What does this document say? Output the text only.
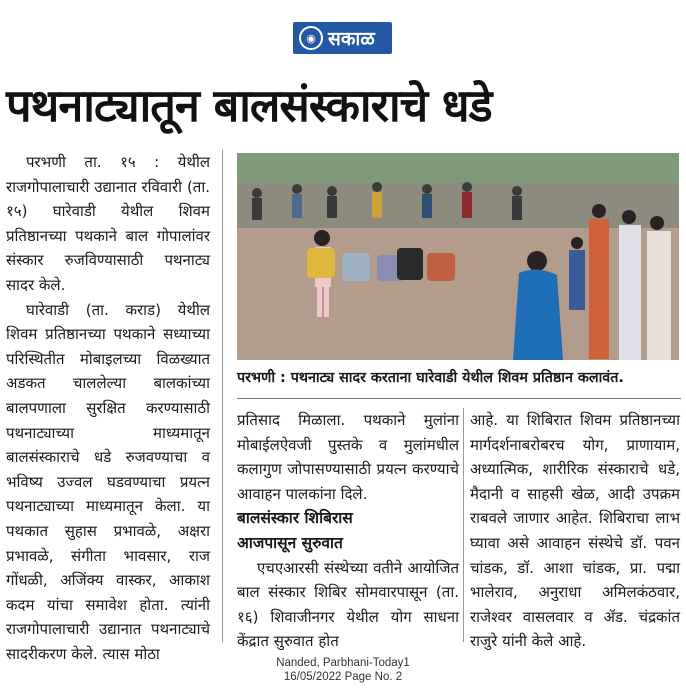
◉ सकाळ
पथनाट्यातून बालसंस्काराचे धडे

परभणी ता. १५ : येथील राजगोपालाचारी उद्यानात रविवारी (ता. १५) घारेवाडी येथील शिवम प्रतिष्ठानच्या पथकाने बाल गोपालांवर संस्कार रुजविण्यासाठी पथनाट्य सादर केले.

घारेवाडी (ता. कराड) येथील शिवम प्रतिष्ठानच्या पथकाने सध्याच्या परिस्थितीत मोबाइलच्या विळख्यात अडकत चाललेल्या बालकांच्या बालपणाला सुरक्षित करण्यासाठी पथनाट्याच्या माध्यमातून बालसंस्काराचे धडे रुजवण्याचा व भविष्य उज्वल घडवण्याचा प्रयत्न पथनाट्याच्या माध्यमातून केला. या पथकात सुहास प्रभावळे, अक्षरा प्रभावळे, संगीता भावसार, राज गोंधळी, अजिंक्य वास्कर, आकाश कदम यांचा समावेश होता. त्यांनी राजगोपालाचारी उद्यानात पथनाट्याचे सादरीकरण केले. त्यास मोठा

परभणी : पथनाट्य सादर करताना घारेवाडी येथील शिवम प्रतिष्ठान कलावंत.

प्रतिसाद मिळाला. पथकाने मुलांना मोबाईलऐवजी पुस्तके व मुलांमधील कलागुण जोपासण्यासाठी प्रयत्न करण्याचे आवाहन पालकांना दिले.

बालसंस्कार शिबिरास

आजपासून सुरुवात

एचएआरसी संस्थेच्या वतीने आयोजित बाल संस्कार शिबिर सोमवारपासून (ता. १६) शिवाजीनगर येथील योग साधना केंद्रात सुरुवात होत

आहे. या शिबिरात शिवम प्रतिष्ठानच्या मार्गदर्शनाबरोबरच योग, प्राणायाम, अध्यात्मिक, शारीरिक संस्काराचे धडे, मैदानी व साहसी खेळ, आदी उपक्रम राबवले जाणार आहेत. शिबिराचा लाभ घ्यावा असे आवाहन संस्थेचे डॉ. पवन चांडक, डॉ. आशा चांडक, प्रा. पद्मा भालेराव, अनुराधा अमिलकंठवार, राजेश्वर वासलवार व ॲड. चंद्रकांत राजुरे यांनी केले आहे.

Nanded, Parbhani-Today1
16/05/2022 Page No. 2
